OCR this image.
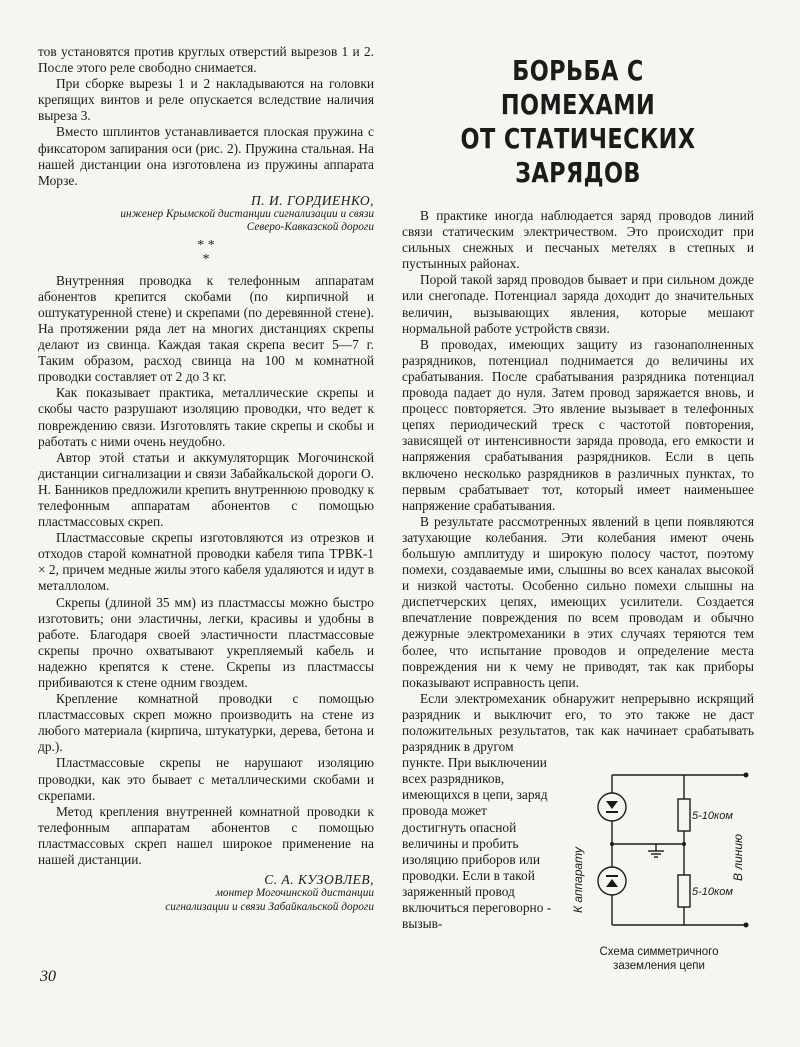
тов установятся против круглых отверстий вырезов 1 и 2. После этого реле свободно снимается.

При сборке вырезы 1 и 2 накладываются на головки крепящих винтов и реле опускается вследствие наличия выреза 3.

Вместо шплинтов устанавливается плоская пружина с фиксатором запирания оси (рис. 2). Пружина стальная. На нашей дистанции она изготовлена из пружины аппарата Морзе.

П. И. ГОРДИЕНКО,
инженер Крымской дистанции сигнализации и связи
Северо-Кавказской дороги
* *
*

Внутренняя проводка к телефонным аппаратам абонентов крепится скобами (по кирпичной и оштукатуренной стене) и скрепами (по деревянной стене). На протяжении ряда лет на многих дистанциях скрепы делают из свинца. Каждая такая скрепа весит 5—7 г. Таким образом, расход свинца на 100 м комнатной проводки составляет от 2 до 3 кг.

Как показывает практика, металлические скрепы и скобы часто разрушают изоляцию проводки, что ведет к повреждению связи. Изготовлять такие скрепы и скобы и работать с ними очень неудобно.

Автор этой статьи и аккумуляторщик Могочинской дистанции сигнализации и связи Забайкальской дороги О. Н. Банников предложили крепить внутреннюю проводку к телефонным аппаратам абонентов с помощью пластмассовых скреп.

Пластмассовые скрепы изготовляются из отрезков и отходов старой комнатной проводки кабеля типа ТРВК-1 × 2, причем медные жилы этого кабеля удаляются и идут в металлолом.

Скрепы (длиной 35 мм) из пластмассы можно быстро изготовить; они эластичны, легки, красивы и удобны в работе. Благодаря своей эластичности пластмассовые скрепы прочно охватывают укрепляемый кабель и надежно крепятся к стене. Скрепы из пластмассы прибиваются к стене одним гвоздем.

Крепление комнатной проводки с помощью пластмассовых скреп можно производить на стене из любого материала (кирпича, штукатурки, дерева, бетона и др.).

Пластмассовые скрепы не нарушают изоляцию проводки, как это бывает с металлическими скобами и скрепами.

Метод крепления внутренней комнатной проводки к телефонным аппаратам абонентов с помощью пластмассовых скреп нашел широкое применение на нашей дистанции.

С. А. КУЗОВЛЕВ,
монтер Могочинской дистанции
сигнализации и связи Забайкальской дороги
БОРЬБА С ПОМЕХАМИ
ОТ СТАТИЧЕСКИХ ЗАРЯДОВ

В практике иногда наблюдается заряд проводов линий связи статическим электричеством. Это происходит при сильных снежных и песчаных метелях в степных и пустынных районах.

Порой такой заряд проводов бывает и при сильном дожде или снегопаде. Потенциал заряда доходит до значительных величин, вызывающих явления, которые мешают нормальной работе устройств связи.

В проводах, имеющих защиту из газонаполненных разрядников, потенциал поднимается до величины их срабатывания. После срабатывания разрядника потенциал провода падает до нуля. Затем провод заряжается вновь, и процесс повторяется. Это явление вызывает в телефонных цепях периодический треск с частотой повторения, зависящей от интенсивности заряда провода, его емкости и напряжения срабатывания разрядников. Если в цепь включено несколько разрядников в различных пунктах, то первым срабатывает тот, который имеет наименьшее напряжение срабатывания.

В результате рассмотренных явлений в цепи появляются затухающие колебания. Эти колебания имеют очень большую амплитуду и широкую полосу частот, поэтому помехи, создаваемые ими, слышны во всех каналах высокой и низкой частоты. Особенно сильно помехи слышны на диспетчерских цепях, имеющих усилители. Создается впечатление повреждения по всем проводам и обычно дежурные электромеханики в этих случаях теряются тем более, что испытание проводов и определение места повреждения ни к чему не приводят, так как приборы показывают исправность цепи.

Если электромеханик обнаружит непрерывно искрящий разрядник и выключит его, то это также не даст положительных результатов, так как начинает срабатывать разрядник в другом

пункте. При выключении всех разрядников, имеющихся в цепи, заряд провода может достигнуть опасной величины и пробить изоляцию приборов или проводки. Если в такой заряженный провод включиться переговорно - вызыв-

5-10ком
5-10ком
К аппарату	В линию
Схема симметричного
заземления цепи
30
